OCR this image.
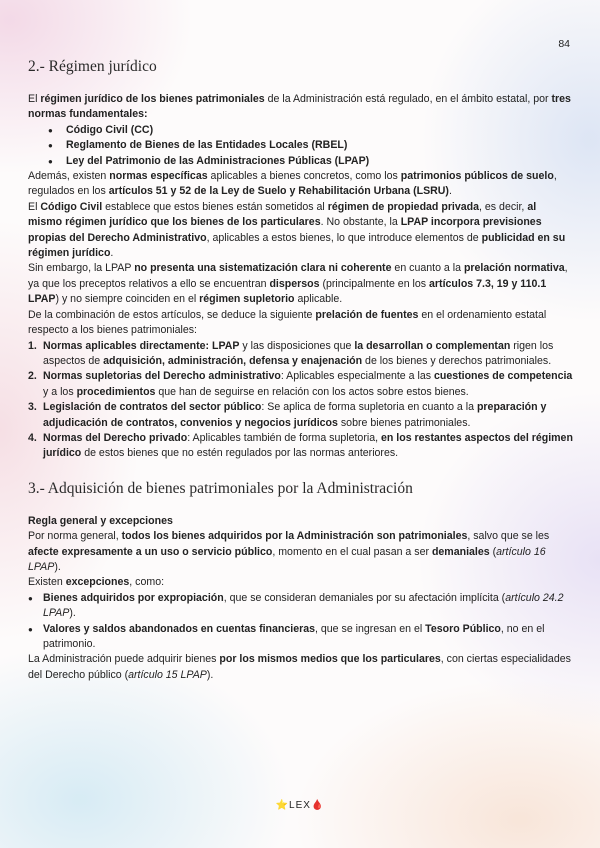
84
2.- Régimen jurídico

El régimen jurídico de los bienes patrimoniales de la Administración está regulado, en el ámbito estatal, por tres normas fundamentales:

● Código Civil (CC)
● Reglamento de Bienes de las Entidades Locales (RBEL)
● Ley del Patrimonio de las Administraciones Públicas (LPAP)

Además, existen normas específicas aplicables a bienes concretos, como los patrimonios públicos de suelo, regulados en los artículos 51 y 52 de la Ley de Suelo y Rehabilitación Urbana (LSRU).

El Código Civil establece que estos bienes están sometidos al régimen de propiedad privada, es decir, al mismo régimen jurídico que los bienes de los particulares. No obstante, la LPAP incorpora previsiones propias del Derecho Administrativo, aplicables a estos bienes, lo que introduce elementos de publicidad en su régimen jurídico.

Sin embargo, la LPAP no presenta una sistematización clara ni coherente en cuanto a la prelación normativa, ya que los preceptos relativos a ello se encuentran dispersos (principalmente en los artículos 7.3, 19 y 110.1 LPAP) y no siempre coinciden en el régimen supletorio aplicable.

De la combinación de estos artículos, se deduce la siguiente prelación de fuentes en el ordenamiento estatal respecto a los bienes patrimoniales:

1. Normas aplicables directamente: LPAP y las disposiciones que la desarrollan o complementan rigen los aspectos de adquisición, administración, defensa y enajenación de los bienes y derechos patrimoniales.
2. Normas supletorias del Derecho administrativo: Aplicables especialmente a las cuestiones de competencia y a los procedimientos que han de seguirse en relación con los actos sobre estos bienes.
3. Legislación de contratos del sector público: Se aplica de forma supletoria en cuanto a la preparación y adjudicación de contratos, convenios y negocios jurídicos sobre bienes patrimoniales.
4. Normas del Derecho privado: Aplicables también de forma supletoria, en los restantes aspectos del régimen jurídico de estos bienes que no estén regulados por las normas anteriores.
3.- Adquisición de bienes patrimoniales por la Administración

Regla general y excepciones

Por norma general, todos los bienes adquiridos por la Administración son patrimoniales, salvo que se les afecte expresamente a un uso o servicio público, momento en el cual pasan a ser demaniales (artículo 16 LPAP).

Existen excepciones, como:

● Bienes adquiridos por expropiación, que se consideran demaniales por su afectación implícita (artículo 24.2 LPAP).
● Valores y saldos abandonados en cuentas financieras, que se ingresan en el Tesoro Público, no en el patrimonio.

La Administración puede adquirir bienes por los mismos medios que los particulares, con ciertas especialidades del Derecho público (artículo 15 LPAP).

⭐LEX🩸
